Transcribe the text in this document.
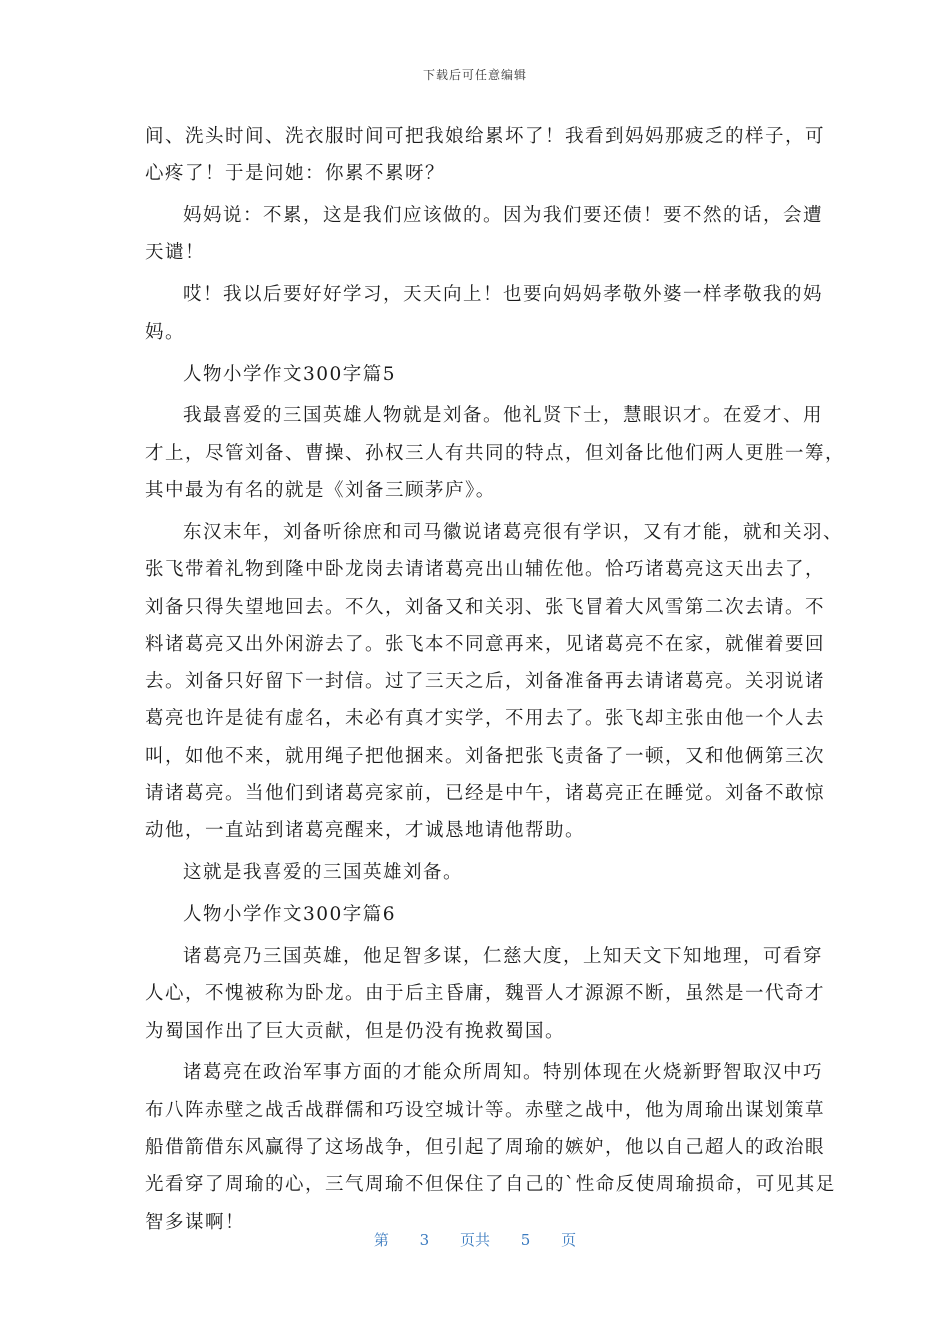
下载后可任意编辑
间、洗头时间、洗衣服时间可把我娘给累坏了！我看到妈妈那疲乏的样子，可
心疼了！于是问她：你累不累呀？
妈妈说：不累，这是我们应该做的。因为我们要还债！要不然的话，会遭
天谴！
哎！我以后要好好学习，天天向上！也要向妈妈孝敬外婆一样孝敬我的妈
妈。
人物小学作文300字篇5
我最喜爱的三国英雄人物就是刘备。他礼贤下士，慧眼识才。在爱才、用
才上，尽管刘备、曹操、孙权三人有共同的特点，但刘备比他们两人更胜一筹，
其中最为有名的就是《刘备三顾茅庐》。
东汉末年，刘备听徐庶和司马徽说诸葛亮很有学识，又有才能，就和关羽、
张飞带着礼物到隆中卧龙岗去请诸葛亮出山辅佐他。恰巧诸葛亮这天出去了，
刘备只得失望地回去。不久，刘备又和关羽、张飞冒着大风雪第二次去请。不
料诸葛亮又出外闲游去了。张飞本不同意再来，见诸葛亮不在家，就催着要回
去。刘备只好留下一封信。过了三天之后，刘备准备再去请诸葛亮。关羽说诸
葛亮也许是徒有虚名，未必有真才实学，不用去了。张飞却主张由他一个人去
叫，如他不来，就用绳子把他捆来。刘备把张飞责备了一顿，又和他俩第三次
请诸葛亮。当他们到诸葛亮家前，已经是中午，诸葛亮正在睡觉。刘备不敢惊
动他，一直站到诸葛亮醒来，才诚恳地请他帮助。
这就是我喜爱的三国英雄刘备。
人物小学作文300字篇6
诸葛亮乃三国英雄，他足智多谋，仁慈大度，上知天文下知地理，可看穿
人心，不愧被称为卧龙。由于后主昏庸，魏晋人才源源不断，虽然是一代奇才
为蜀国作出了巨大贡献，但是仍没有挽救蜀国。
诸葛亮在政治军事方面的才能众所周知。特别体现在火烧新野智取汉中巧
布八阵赤壁之战舌战群儒和巧设空城计等。赤壁之战中，他为周瑜出谋划策草
船借箭借东风赢得了这场战争，但引起了周瑜的嫉妒，他以自己超人的政治眼
光看穿了周瑜的心，三气周瑜不但保住了自己的`性命反使周瑜损命，可见其足
智多谋啊！
第 3 页共 5 页
